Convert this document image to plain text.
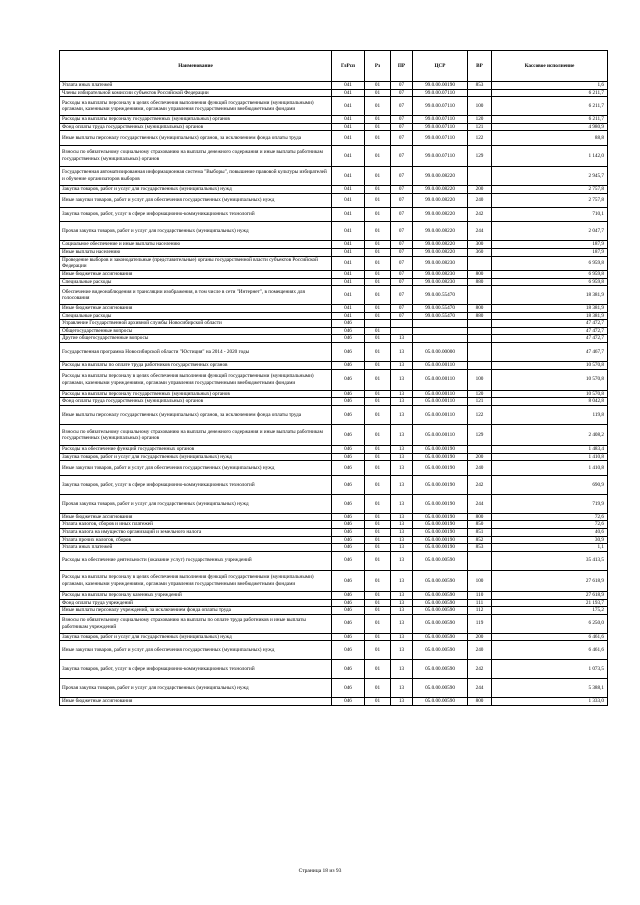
Наименование	ГлРсп	Рз	ПР	ЦСР	ВР	Кассовое исполнение
Уплата иных платежей	041	01	07	99.0.00.00190	853	1,6
Члены избирательной комиссии субъектов Российской Федерации	041	01	07	99.0.00.07110		6 211,7
Расходы на выплаты персоналу в целях обеспечения выполнения функций государственными (муниципальными) органами, казенными учреждениями, органами управления государственными внебюджетными фондами	041	01	07	99.0.00.07110	100	6 211,7
Расходы на выплаты персоналу государственных (муниципальных) органов	041	01	07	99.0.00.07110	120	6 211,7
Фонд оплаты труда государственных (муниципальных) органов	041	01	07	99.0.00.07110	121	4 980,9
Иные выплаты персоналу государственных (муниципальных) органов, за исключением фонда оплаты труда	041	01	07	99.0.00.07110	122	88,8
Взносы по обязательному социальному страхованию на выплаты денежного содержания и иные выплаты работникам государственных (муниципальных) органов	041	01	07	99.0.00.07110	129	1 142,0
Государственная автоматизированная информационная система "Выборы", повышение правовой культуры избирателей и обучение организаторов выборов	041	01	07	99.0.00.08220		2 945,7
Закупка товаров, работ и услуг для государственных (муниципальных) нужд	041	01	07	99.0.00.08220	200	2 757,8
Иные закупки товаров, работ и услуг для обеспечения государственных (муниципальных) нужд	041	01	07	99.0.00.08220	240	2 757,8
Закупка товаров, работ, услуг в сфере информационно-коммуникационных технологий	041	01	07	99.0.00.08220	242	710,1
Прочая закупка товаров, работ и услуг для государственных (муниципальных) нужд	041	01	07	99.0.00.08220	244	2 047,7
Социальное обеспечение и иные выплаты населению	041	01	07	99.0.00.08220	300	187,9
Иные выплаты населению	041	01	07	99.0.00.08220	360	187,9
Проведение выборов и законодательные (представительные) органы государственной власти субъектов Российской Федерации	041	01	07	99.0.00.08230		6 959,8
Иные бюджетные ассигнования	041	01	07	99.0.00.08230	800	6 959,8
Специальные расходы	041	01	07	99.0.00.08230	880	6 959,8
Обеспечение видеонаблюдения и трансляции изображения, в том числе в сети "Интернет", в помещениях для голосования	041	01	07	99.0.00.55470		18 381,9
Иные бюджетные ассигнования	041	01	07	99.0.00.55470	800	18 381,9
Специальные расходы	041	01	07	99.0.00.55470	880	18 381,9
Управление Государственной архивной службы Новосибирской области	046					47 472,7
Общегосударственные вопросы	046	01				47 472,7
Другие общегосударственные вопросы	046	01	13			47 472,7
Государственная программа Новосибирской области "Юстиция" на 2014 - 2020 годы	046	01	13	05.0.00.00000		47 467,7
Расходы на выплаты по оплате труда работников государственных органов	046	01	13	05.0.00.00110		10 570,8
Расходы на выплаты персоналу в целях обеспечения выполнения функций государственными (муниципальными) органами, казенными учреждениями, органами управления государственными внебюджетными фондами	046	01	13	05.0.00.00110	100	10 570,8
Расходы на выплаты персоналу государственных (муниципальных) органов	046	01	13	05.0.00.00110	120	10 570,8
Фонд оплаты труда государственных (муниципальных) органов	046	01	13	05.0.00.00110	121	8 042,8
Иные выплаты персоналу государственных (муниципальных) органов, за исключением фонда оплаты труда	046	01	13	05.0.00.00110	122	119,8
Взносы по обязательному социальному страхованию на выплаты денежного содержания и иные выплаты работникам государственных (муниципальных) органов	046	01	13	05.0.00.00110	129	2 408,2
Расходы на обеспечение функций государственных органов	046	01	13	05.0.00.00190		1 483,4
Закупка товаров, работ и услуг для государственных (муниципальных) нужд	046	01	13	05.0.00.00190	200	1 410,8
Иные закупки товаров, работ и услуг для обеспечения государственных (муниципальных) нужд	046	01	13	05.0.00.00190	240	1 410,8
Закупка товаров, работ, услуг в сфере информационно-коммуникационных технологий	046	01	13	05.0.00.00190	242	690,9
Прочая закупка товаров, работ и услуг для государственных (муниципальных) нужд	046	01	13	05.0.00.00190	244	719,9
Иные бюджетные ассигнования	046	01	13	05.0.00.00190	800	72,6
Уплата налогов, сборов и иных платежей	046	01	13	05.0.00.00190	850	72,6
Уплата налога на имущество организаций и земельного налога	046	01	13	05.0.00.00190	851	40,6
Уплата прочих налогов, сборов	046	01	13	05.0.00.00190	852	30,9
Уплата иных платежей	046	01	13	05.0.00.00190	853	1,1
Расходы на обеспечение деятельности (оказание услуг) государственных учреждений	046	01	13	05.0.00.00590		35 413,5
Расходы на выплаты персоналу в целях обеспечения выполнения функций государственными (муниципальными) органами, казенными учреждениями, органами управления государственными внебюджетными фондами	046	01	13	05.0.00.00590	100	27 618,9
Расходы на выплаты персоналу казенных учреждений	046	01	13	05.0.00.00590	110	27 618,9
Фонд оплаты труда учреждений	046	01	13	05.0.00.00590	111	21 193,7
Иные выплаты персоналу учреждений, за исключением фонда оплаты труда	046	01	13	05.0.00.00590	112	175,2
Взносы по обязательному социальному страхованию на выплаты по оплате труда работников и иные выплаты работникам учреждений	046	01	13	05.0.00.00590	119	6 250,0
Закупка товаров, работ и услуг для государственных (муниципальных) нужд	046	01	13	05.0.00.00590	200	6 461,6
Иные закупки товаров, работ и услуг для обеспечения государственных (муниципальных) нужд	046	01	13	05.0.00.00590	240	6 461,6
Закупка товаров, работ, услуг в сфере информационно-коммуникационных технологий	046	01	13	05.0.00.00590	242	1 073,5
Прочая закупка товаров, работ и услуг для государственных (муниципальных) нужд	046	01	13	05.0.00.00590	244	5 388,1
Иные бюджетные ассигнования	046	01	13	05.0.00.00590	800	1 333,0
Страница 18 из 93
